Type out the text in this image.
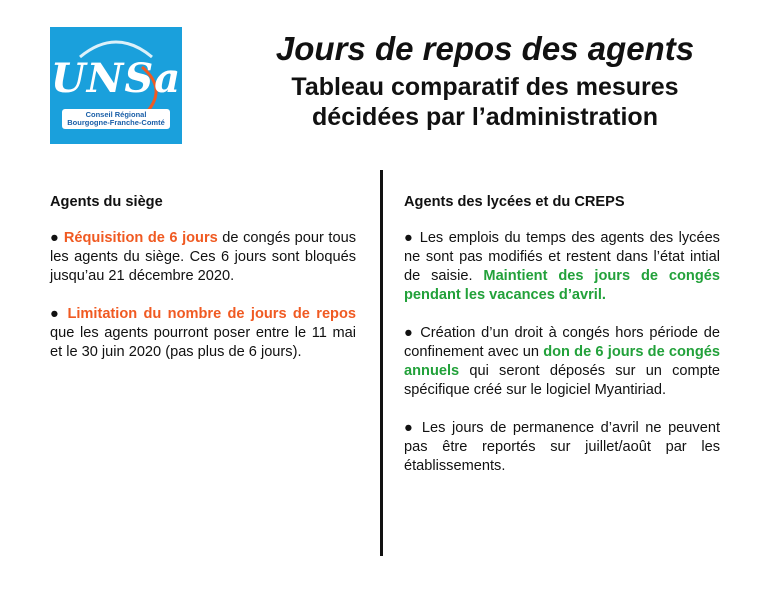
UNSa
Conseil Régional
Bourgogne-Franche-Comté
Jours de repos des agents
Tableau comparatif des mesures
décidées par l’administration
Agents du siège

● Réquisition de 6 jours de congés pour tous les agents du siège. Ces 6 jours sont bloqués jusqu’au 21 décembre 2020.

● Limitation du nombre de jours de repos que les agents pourront poser entre le 11 mai et le 30 juin 2020 (pas plus de 6 jours).

Agents des lycées et du CREPS

● Les emplois du temps des agents des lycées ne sont pas modifiés et restent dans l’état intial de saisie. Maintient des jours de congés pendant les vacances d’avril.

● Création d’un droit à congés hors période de confinement avec un don de 6 jours de congés annuels qui seront déposés sur un compte spécifique créé sur le logiciel Myantiriad.

● Les jours de permanence d’avril ne peuvent pas être reportés sur juillet/août par les établissements.
